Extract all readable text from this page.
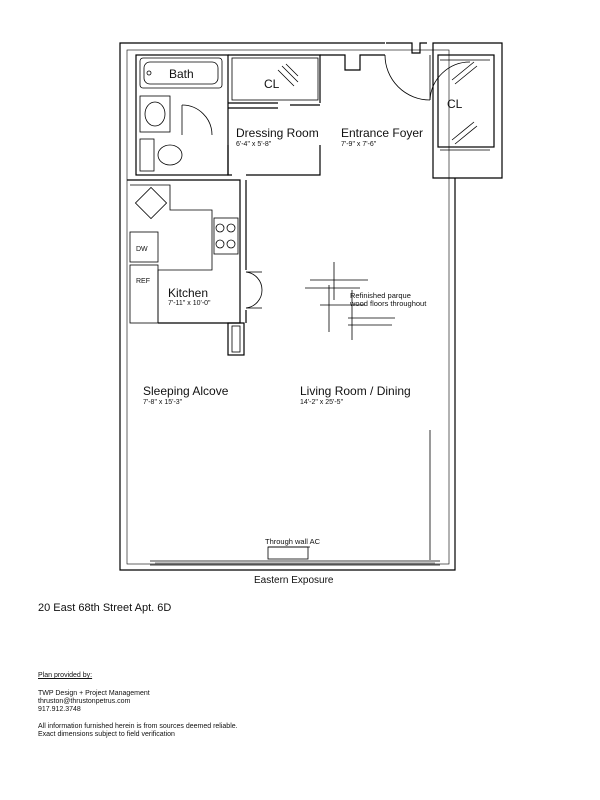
Bath
CL
CL
Dressing Room
6'-4" x 5'-8"
Entrance Foyer
7'-9" x 7'-6"
DW
REF
Kitchen
7'-11" x 10'-0"
Refinished parque
wood floors throughout
Sleeping Alcove
7'-8" x 15'-3"
Living Room / Dining
14'-2" x 25'-5"
Through wall AC
Eastern Exposure
20 East 68th Street Apt. 6D
Plan provided by:
TWP Design + Project Management
thruston@thrustonpetrus.com
917.912.3748
All information furnished herein is from sources deemed reliable.
Exact dimensions subject to field verification
